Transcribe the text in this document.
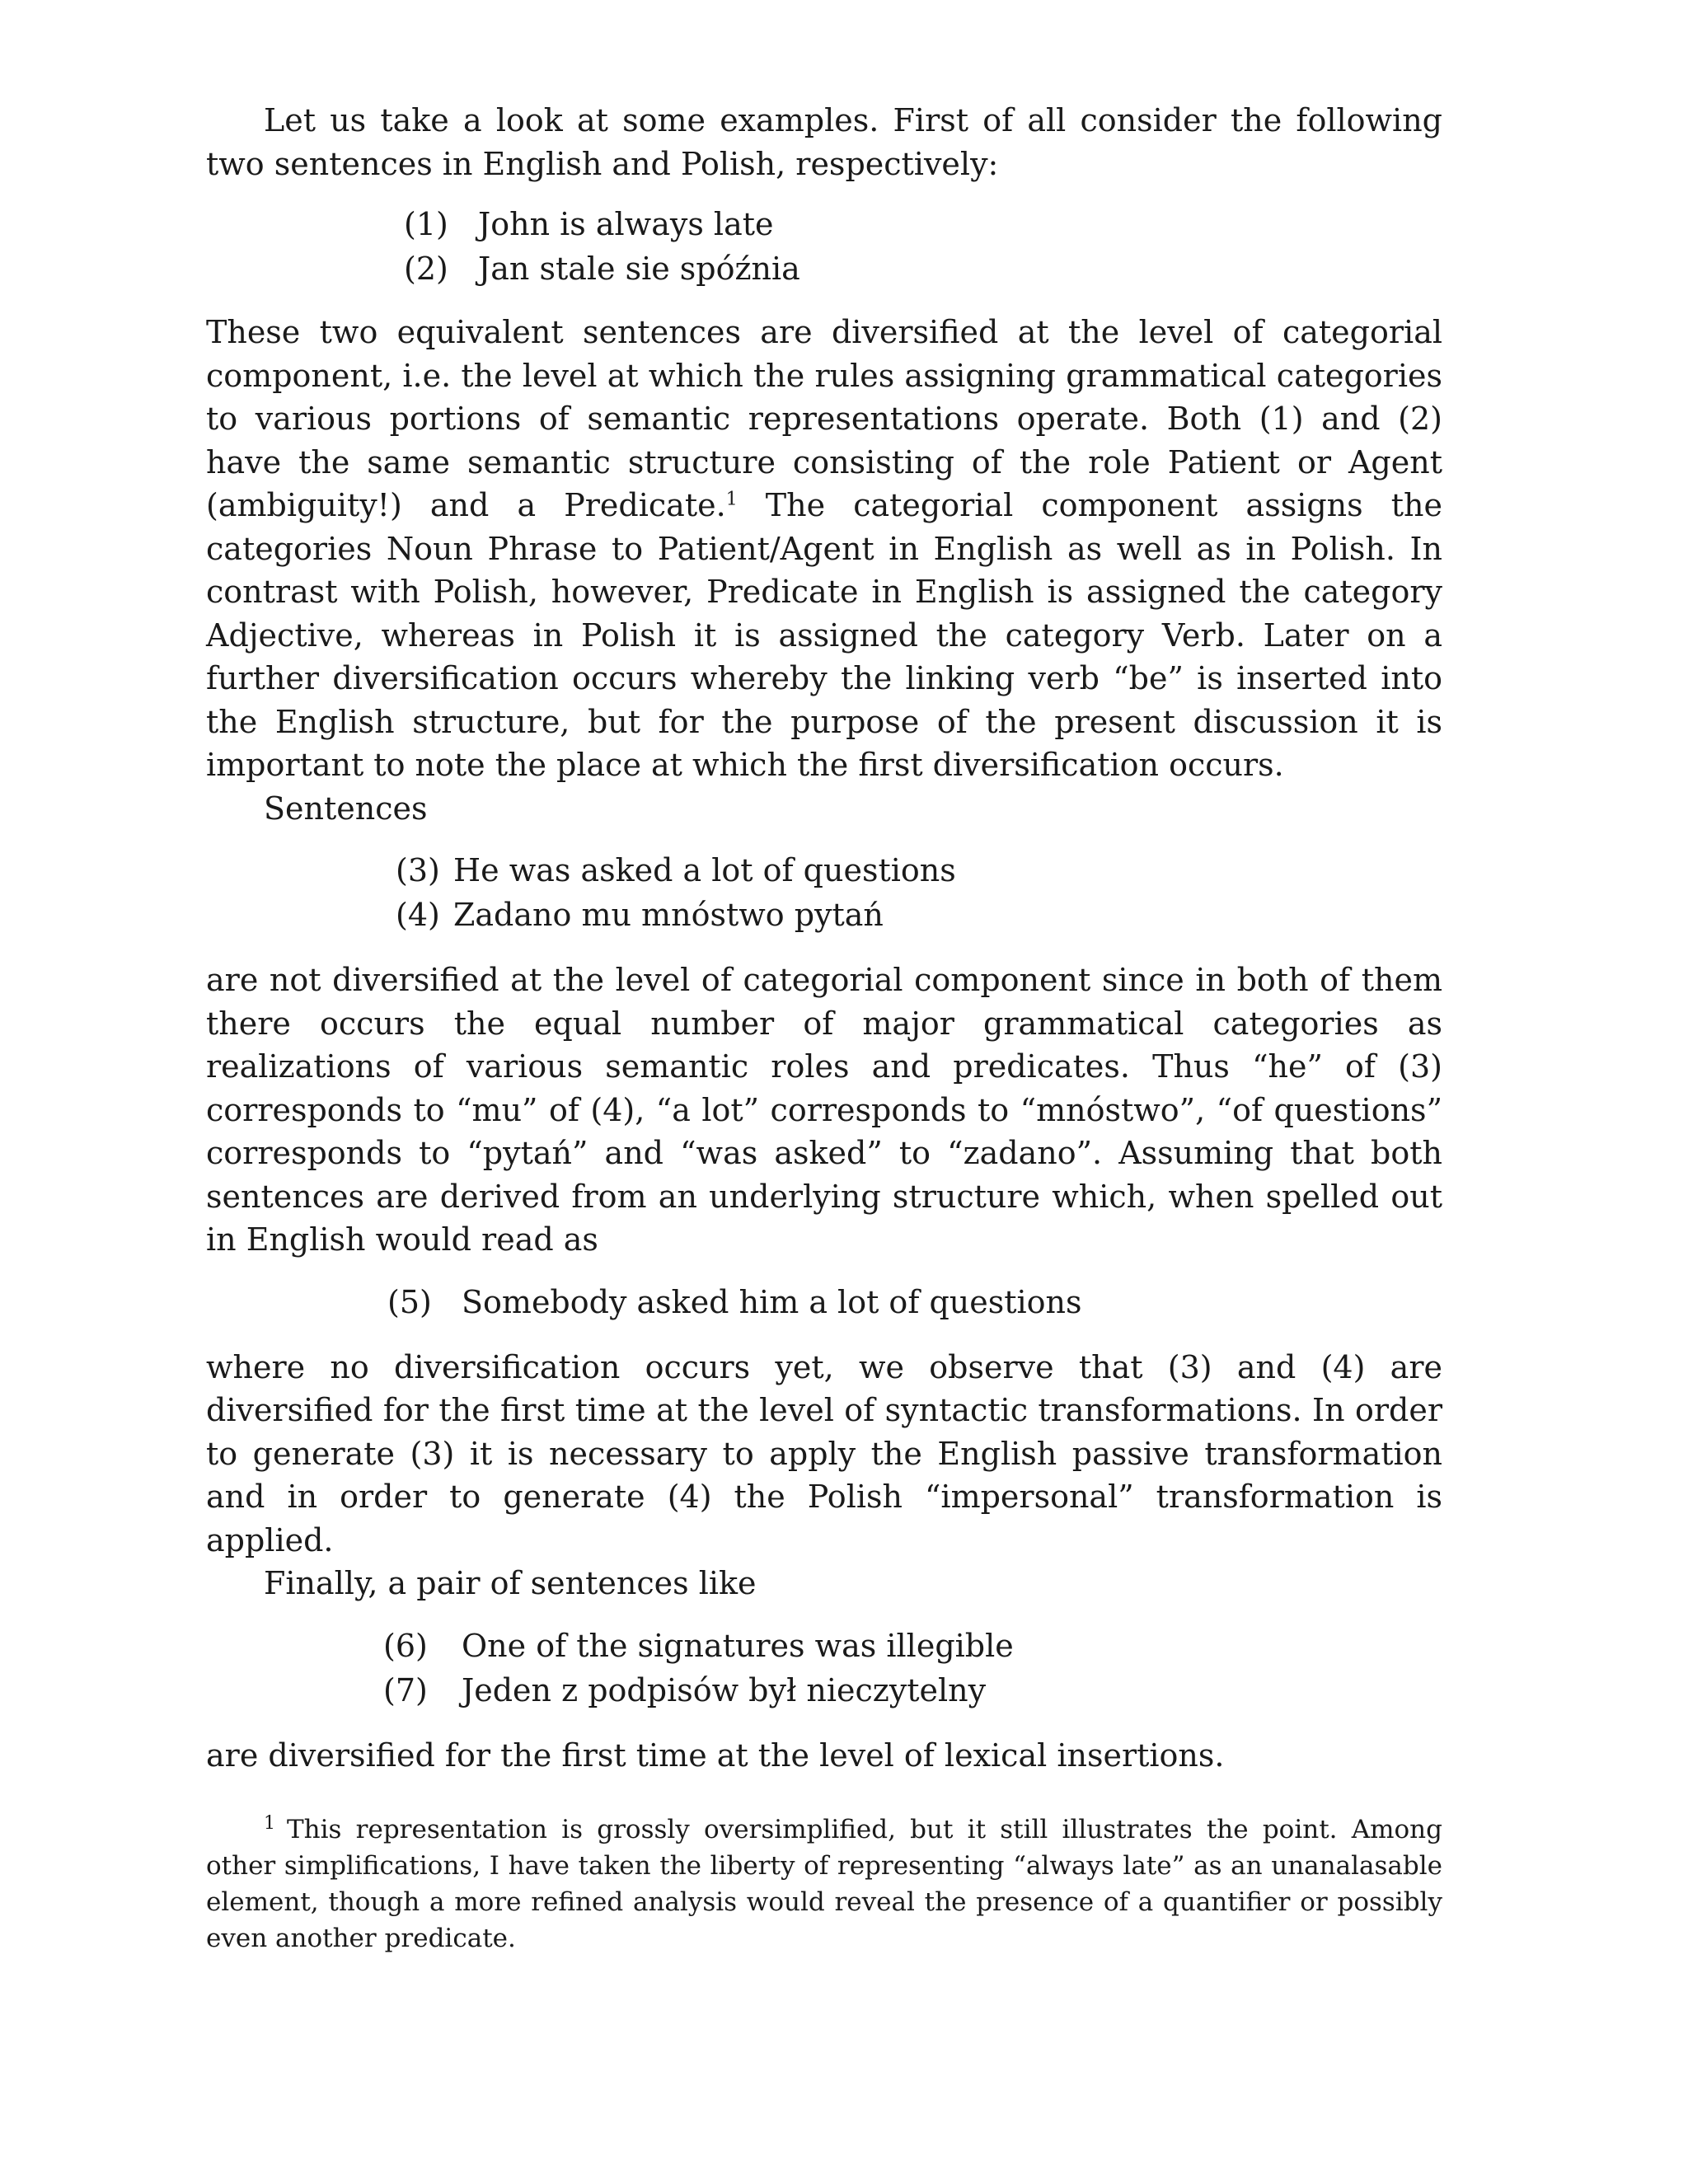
Let us take a look at some examples. First of all consider the following two sentences in English and Polish, respectively:

(1) John is always late
(2) Jan stale sie spóźnia

These two equivalent sentences are diversified at the level of categorial component, i.e. the level at which the rules assigning grammatical categories to various portions of semantic representations operate. Both (1) and (2) have the same semantic structure consisting of the role Patient or Agent (ambiguity!) and a Predicate.$^1$ The categorial component assigns the categories Noun Phrase to Patient/Agent in English as well as in Polish. In contrast with Polish, however, Predicate in English is assigned the category Adjective, whereas in Polish it is assigned the category Verb. Later on a further diversification occurs whereby the linking verb “be” is inserted into the English structure, but for the purpose of the present discussion it is important to note the place at which the first diversification occurs.

Sentences

(3) He was asked a lot of questions
(4) Zadano mu mnóstwo pytań

are not diversified at the level of categorial component since in both of them there occurs the equal number of major grammatical categories as realizations of various semantic roles and predicates. Thus “he” of (3) corresponds to “mu” of (4), “a lot” corresponds to “mnóstwo”, “of questions” corresponds to “pytań” and “was asked” to “zadano”. Assuming that both sentences are derived from an underlying structure which, when spelled out in English would read as

(5) Somebody asked him a lot of questions

where no diversification occurs yet, we observe that (3) and (4) are diversified for the first time at the level of syntactic transformations. In order to generate (3) it is necessary to apply the English passive transformation and in order to generate (4) the Polish “impersonal” transformation is applied.

Finally, a pair of sentences like

(6)	One of the signatures was illegible
(7)	Jeden z podpisów był nieczytelny

are diversified for the first time at the level of lexical insertions.

1 This representation is grossly oversimplified, but it still illustrates the point. Among other simplifications, I have taken the liberty of representing “always late” as an unanalasable element, though a more refined analysis would reveal the presence of a quantifier or possibly even another predicate.
